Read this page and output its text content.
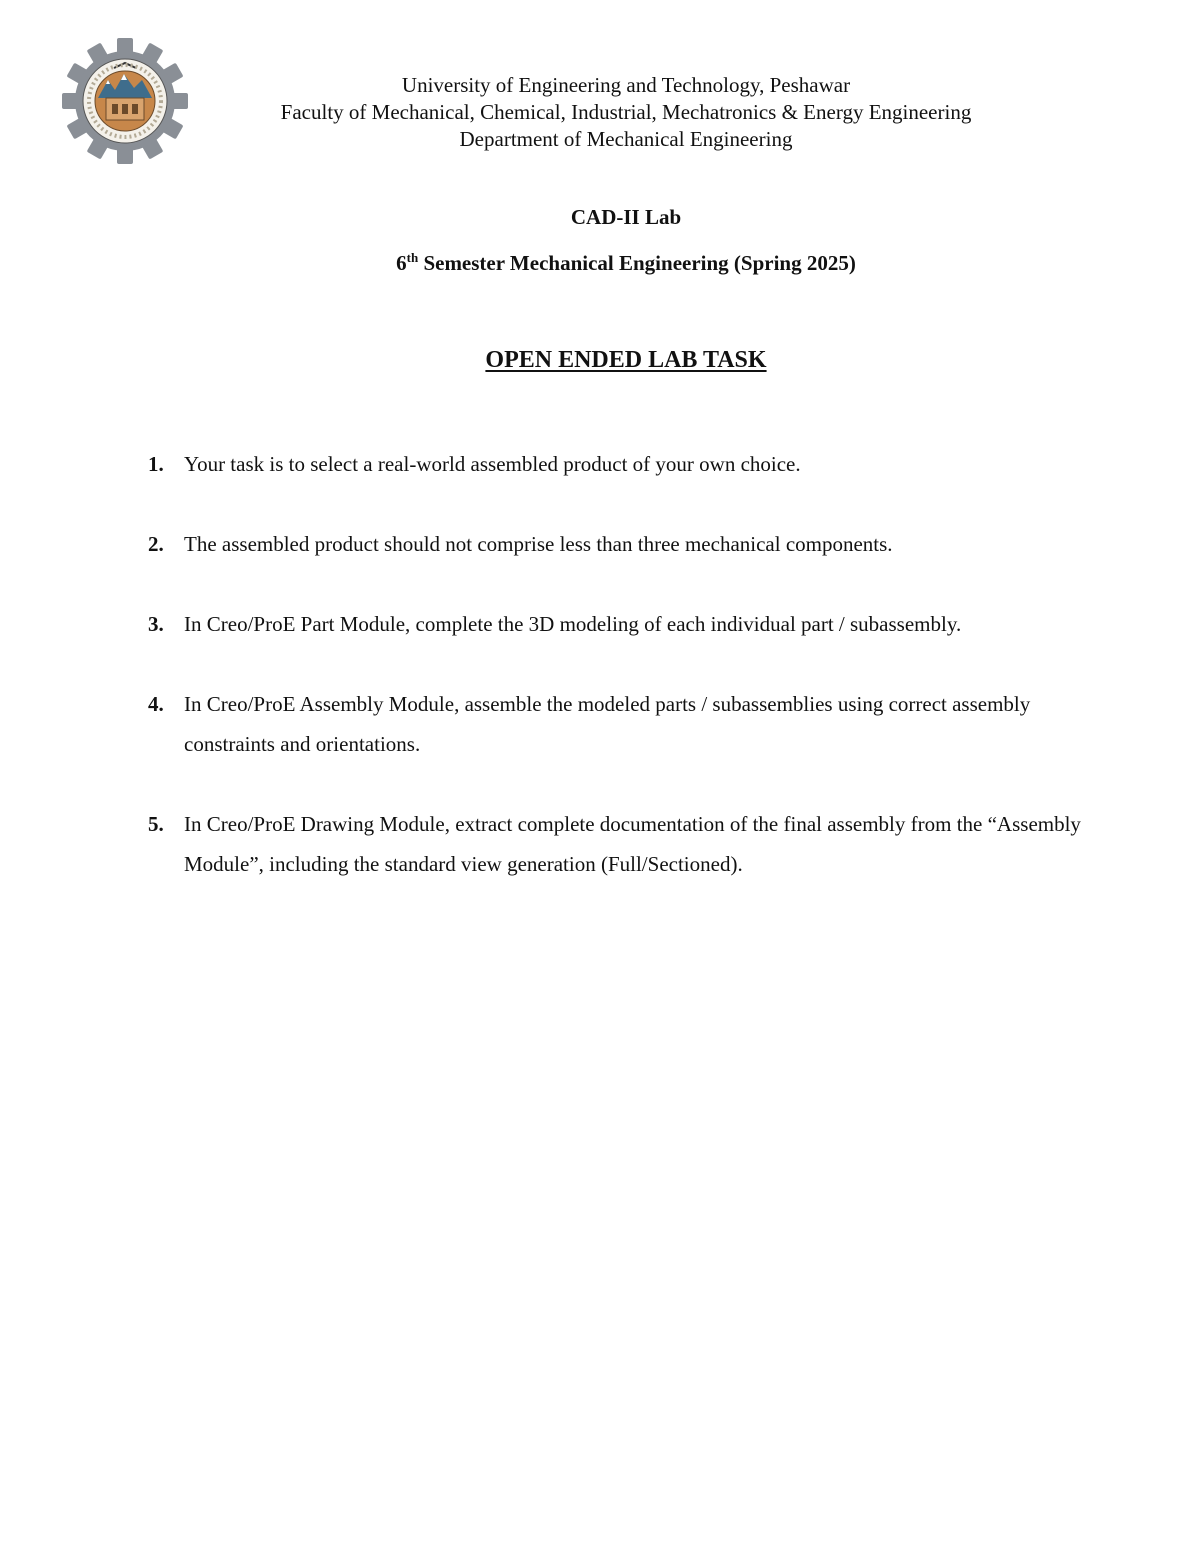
University of Engineering and Technology, Peshawar
Faculty of Mechanical, Chemical, Industrial, Mechatronics & Energy Engineering
Department of Mechanical Engineering
CAD-II Lab
6th Semester Mechanical Engineering (Spring 2025)
OPEN ENDED LAB TASK
1. Your task is to select a real-world assembled product of your own choice.
2. The assembled product should not comprise less than three mechanical components.
3. In Creo/ProE Part Module, complete the 3D modeling of each individual part / subassembly.
4. In Creo/ProE Assembly Module, assemble the modeled parts / subassemblies using correct assembly constraints and orientations.
5. In Creo/ProE Drawing Module, extract complete documentation of the final assembly from the “Assembly Module”, including the standard view generation (Full/Sectioned).
